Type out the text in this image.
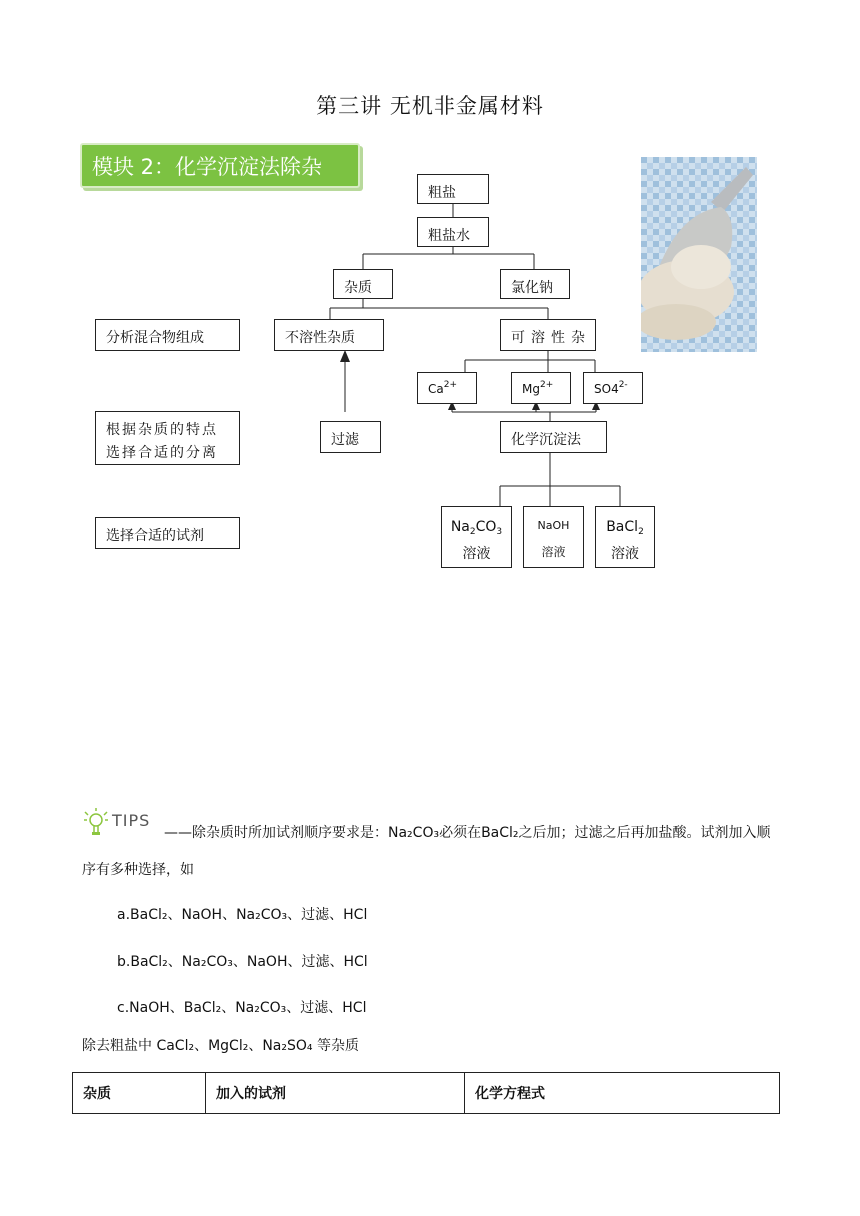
第三讲 无机非金属材料
模块 2：化学沉淀法除杂
分析混合物组成
根据杂质的特点选择合适的分离
选择合适的试剂
粗盐
粗盐水
杂质	氯化钠
不溶性杂质	可溶性杂
$Ca^{2+}$	$Mg^{2+}$	$SO4^{2-}$
过滤	化学沉淀法
$Na_2CO_3$
溶液
NaOH
溶液
BaCl$_2$
溶液
TIPS
——除杂质时所加试剂顺序要求是：Na₂CO₃必须在BaCl₂之后加；过滤之后再加盐酸。试剂加入顺
序有多种选择，如
a.BaCl₂、NaOH、Na₂CO₃、过滤、HCl
b.BaCl₂、Na₂CO₃、NaOH、过滤、HCl
c.NaOH、BaCl₂、Na₂CO₃、过滤、HCl
除去粗盐中 CaCl₂、MgCl₂、Na₂SO₄ 等杂质
杂质	加入的试剂	化学方程式
